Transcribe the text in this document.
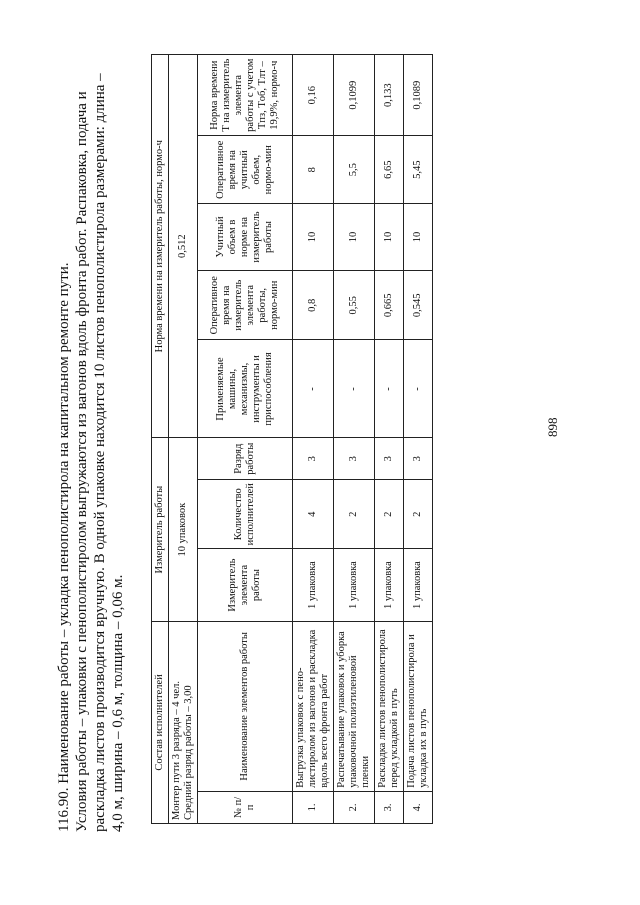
116.90. Наименование работы – укладка пенополистирола на капитальном ремонте пути. Условия работы – упаковки с пенополистиролом выгружаются из вагонов вдоль фронта работ. Распаковка, подача и раскладка листов производится вручную. В одной упаковке находится 10 листов пенополистирола размерами: длина – 4,0 м, ширина – 0,6 м, толщина – 0,06 м.	Состав исполнителей		Измеритель работы			Норма времени на измеритель работы, нормо-ч				

Монтер пути 3 разряда – 4 чел. Средний разряд работы – 3,00		10 упаковок			0,512				
№ п/п	Наименование элементов работы	Измеритель элемента работы	Количество исполнителей	Разряд работы	Применяемые машины, механизмы, инструменты и приспособления	Оперативное время на измеритель элемента работы, нормо-мин	Учитный объем в норме на измеритель работы	Оперативное время на учитный объем, нормо-мин	Норма времени T на измеритель элемента работы с учетом Tпз, Tоб, Tлт – 19,9%, нормо-ч
1.	Выгрузка упаковок с пено-листиролом из вагонов и раскладка вдоль всего фронта работ	1 упаковка	4	3	-	0,8	10	8	0,16
2.	Распечатывание упаковок и уборка упаковочной полиэтиленовой пленки	1 упаковка	2	3	-	0,55	10	5,5	0,1099
3.	Раскладка листов пенополистирола перед укладкой в путь	1 упаковка	2	3	-	0,665	10	6,65	0,133
4.	Подача листов пенополистирола и укладка их в путь	1 упаковка	2	3	-	0,545	10	5,45	0,1089
898
